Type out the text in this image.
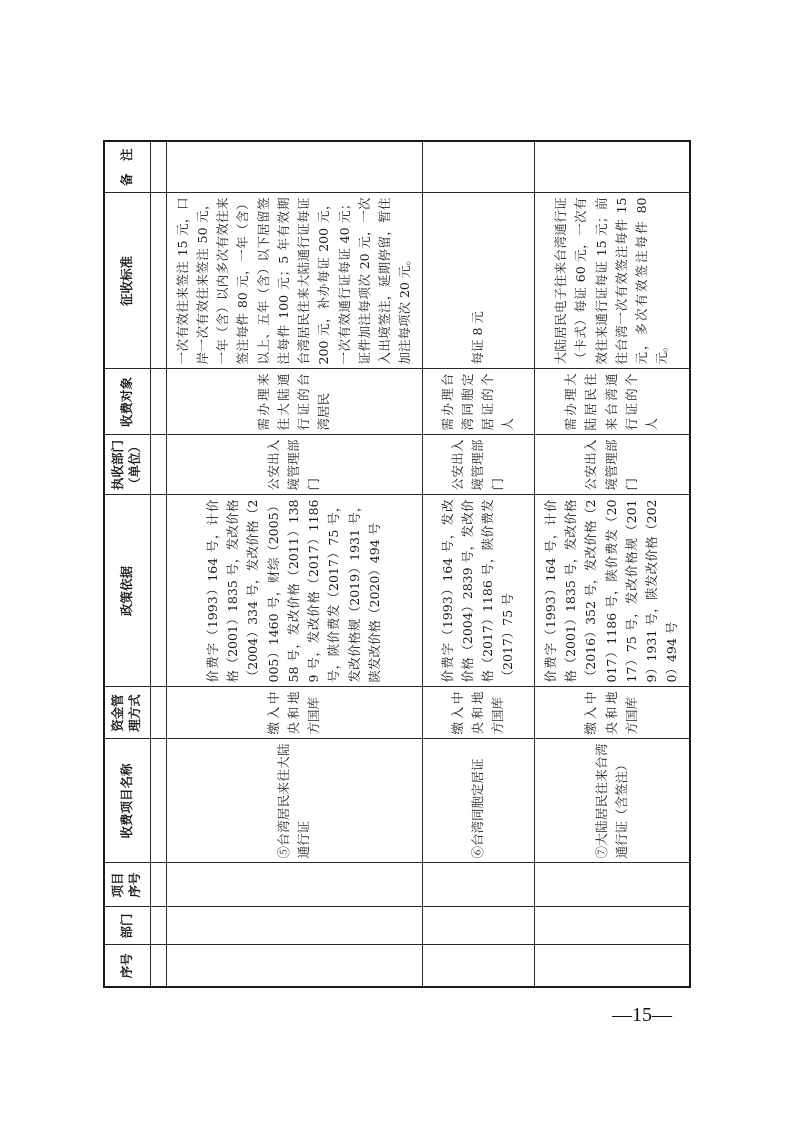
序号	部门	项目序号	收费项目名称	资金管理方式	政策依据	执收部门（单位）	收费对象	征收标准	备　注

			⑤台湾居民来往大陆通行证	缴入中央和地方国库	价费字（1993）164 号，计价格（2001）1835 号，发改价格（2004）334 号，发改价格（2005）1460 号，财综（2005）58 号，发改价格（2011）1389 号，发改价格（2017）1186 号，陕价费发（2017）75 号，发改价格规（2019）1931 号，陕发改价格（2020）494 号	公安出入境管理部门	需办理来往大陆通行证的台湾居民	一次有效往来签注 15 元，口岸一次有效往来签注 50 元，一年（含）以内多次有效往来签注每件 80 元，一年（含）以上、五年（含）以下居留签注每件 100 元；5 年有效期台湾居民往来大陆通行证每证 200 元，补办每证 200 元，一次有效通行证每证 40 元；证件加注每项次 20 元，一次入出境签注，延期停留，暂住加注每项次 20 元。	
			⑥台湾同胞定居证	缴入中央和地方国库	价费字（1993）164 号，发改价格（2004）2839 号，发改价格（2017）1186 号，陕价费发（2017）75 号	公安出入境管理部门	需办理台湾同胞定居证的个人	每证 8 元	
			⑦大陆居民往来台湾通行证（含签注）	缴入中央和地方国库	价费字（1993）164 号，计价格（2001）1835 号，发改价格（2016）352 号，发改价格（2017）1186 号，陕价费发（2017）75 号，发改价格规（2019）1931 号，陕发改价格（2020）494 号	公安出入境管理部门	需办理大陆居民往来台湾通行证的个人	大陆居民电子往来台湾通行证（卡式）每证 60 元，一次有效往来通行证每证 15 元；前往台湾一次有效签注每件 15 元，多次有效签注每件 80 元。	
—15—
